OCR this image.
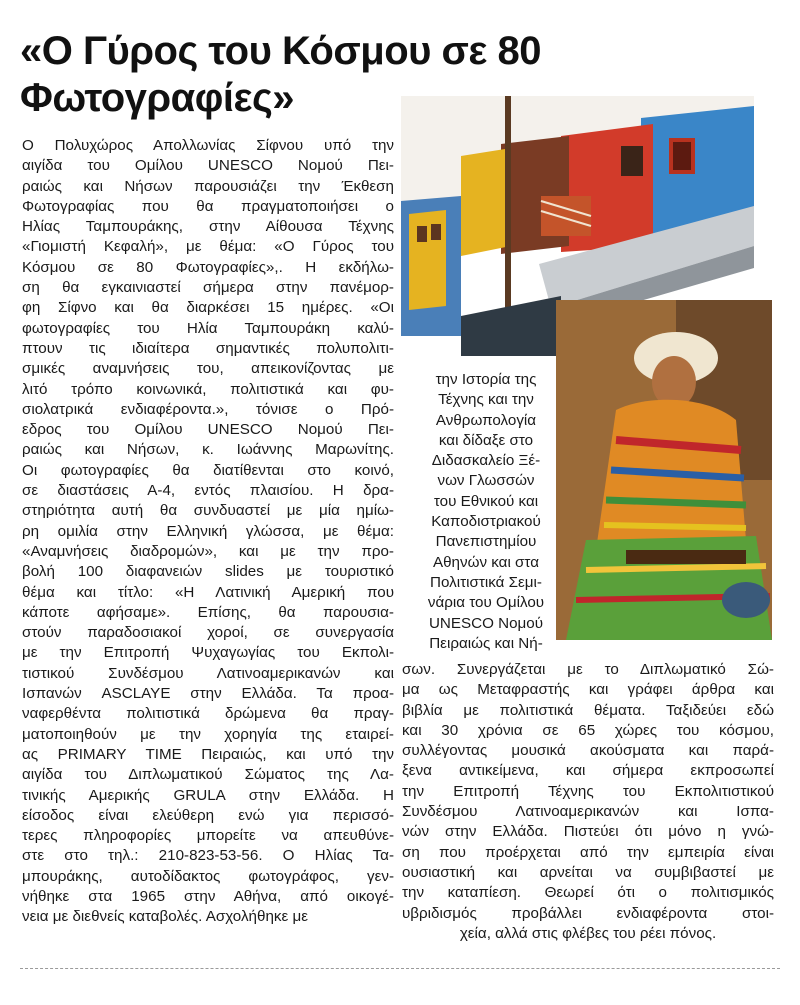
«Ο Γύρος του Κόσμου σε 80
Φωτογραφίες»
Ο Πολυχώρος Απολλωνίας Σίφνου υπό την
αιγίδα του Ομίλου UNESCO Νομού Πει-
ραιώς και Νήσων παρουσιάζει την Έκθεση
Φωτογραφίας που θα πραγματοποιήσει ο
Ηλίας Ταμπουράκης, στην Αίθουσα Τέχνης
«Γιομιστή Κεφαλή», με θέμα: «Ο Γύρος του
Κόσμου σε 80 Φωτογραφίες»,. Η εκδήλω-
ση θα εγκαινιαστεί σήμερα στην πανέμορ-
φη Σίφνο και θα διαρκέσει 15 ημέρες. «Οι
φωτογραφίες του Ηλία Ταμπουράκη καλύ-
πτουν τις ιδιαίτερα σημαντικές πολυπολιτι-
σμικές αναμνήσεις του, απεικονίζοντας με
λιτό τρόπο κοινωνικά, πολιτιστικά και φυ-
σιολατρικά ενδιαφέροντα.», τόνισε ο Πρό-
εδρος του Ομίλου UNESCO Νομού Πει-
ραιώς και Νήσων, κ. Ιωάννης Μαρωνίτης.
Οι φωτογραφίες θα διατίθενται στο κοινό,
σε διαστάσεις Α-4, εντός πλαισίου. Η δρα-
στηριότητα αυτή θα συνδυαστεί με μία ημίω-
ρη ομιλία στην Ελληνική γλώσσα, με θέμα:
«Αναμνήσεις διαδρομών», και με την προ-
βολή 100 διαφανειών slides με τουριστικό
θέμα και τίτλο: «Η Λατινική Αμερική που
κάποτε αφήσαμε». Επίσης, θα παρουσια-
στούν παραδοσιακοί χοροί, σε συνεργασία
με την Επιτροπή Ψυχαγωγίας του Εκπολι-
τιστικού Συνδέσμου Λατινοαμερικανών και
Ισπανών ASCLAYE στην Ελλάδα. Τα προα-
ναφερθέντα πολιτιστικά δρώμενα θα πραγ-
ματοποιηθούν με την χορηγία της εταιρεί-
ας PRIMARY TIME Πειραιώς, και υπό την
αιγίδα του Διπλωματικού Σώματος της Λα-
τινικής Αμερικής GRULA στην Ελλάδα. Η
είσοδος είναι ελεύθερη ενώ για περισσό-
τερες πληροφορίες μπορείτε να απευθύνε-
στε στο τηλ.: 210-823-53-56. Ο Ηλίας Τα-
μπουράκης, αυτοδίδακτος φωτογράφος, γεν-
νήθηκε στα 1965 στην Αθήνα, από οικογέ-
νεια με διεθνείς καταβολές. Ασχολήθηκε με
την Ιστορία της
Τέχνης και την
Ανθρωπολογία
και δίδαξε στο
Διδασκαλείο Ξέ-
νων Γλωσσών
του Εθνικού και
Καποδιστριακού
Πανεπιστημίου
Αθηνών και στα
Πολιτιστικά Σεμι-
νάρια του Ομίλου
UNESCO Νομού
Πειραιώς και Νή-
σων. Συνεργάζεται με το Διπλωματικό Σώ-
μα ως Μεταφραστής και γράφει άρθρα και
βιβλία με πολιτιστικά θέματα. Ταξιδεύει εδώ
και 30 χρόνια σε 65 χώρες του κόσμου,
συλλέγοντας μουσικά ακούσματα και παρά-
ξενα αντικείμενα, και σήμερα εκπροσωπεί
την Επιτροπή Τέχνης του Εκπολιτιστικού
Συνδέσμου Λατινοαμερικανών και Ισπα-
νών στην Ελλάδα. Πιστεύει ότι μόνο η γνώ-
ση που προέρχεται από την εμπειρία είναι
ουσιαστική και αρνείται να συμβιβαστεί με
την καταπίεση. Θεωρεί ότι ο πολιτισμικός
υβριδισμός προβάλλει ενδιαφέροντα στοι-
χεία, αλλά στις φλέβες του ρέει πόνος.
